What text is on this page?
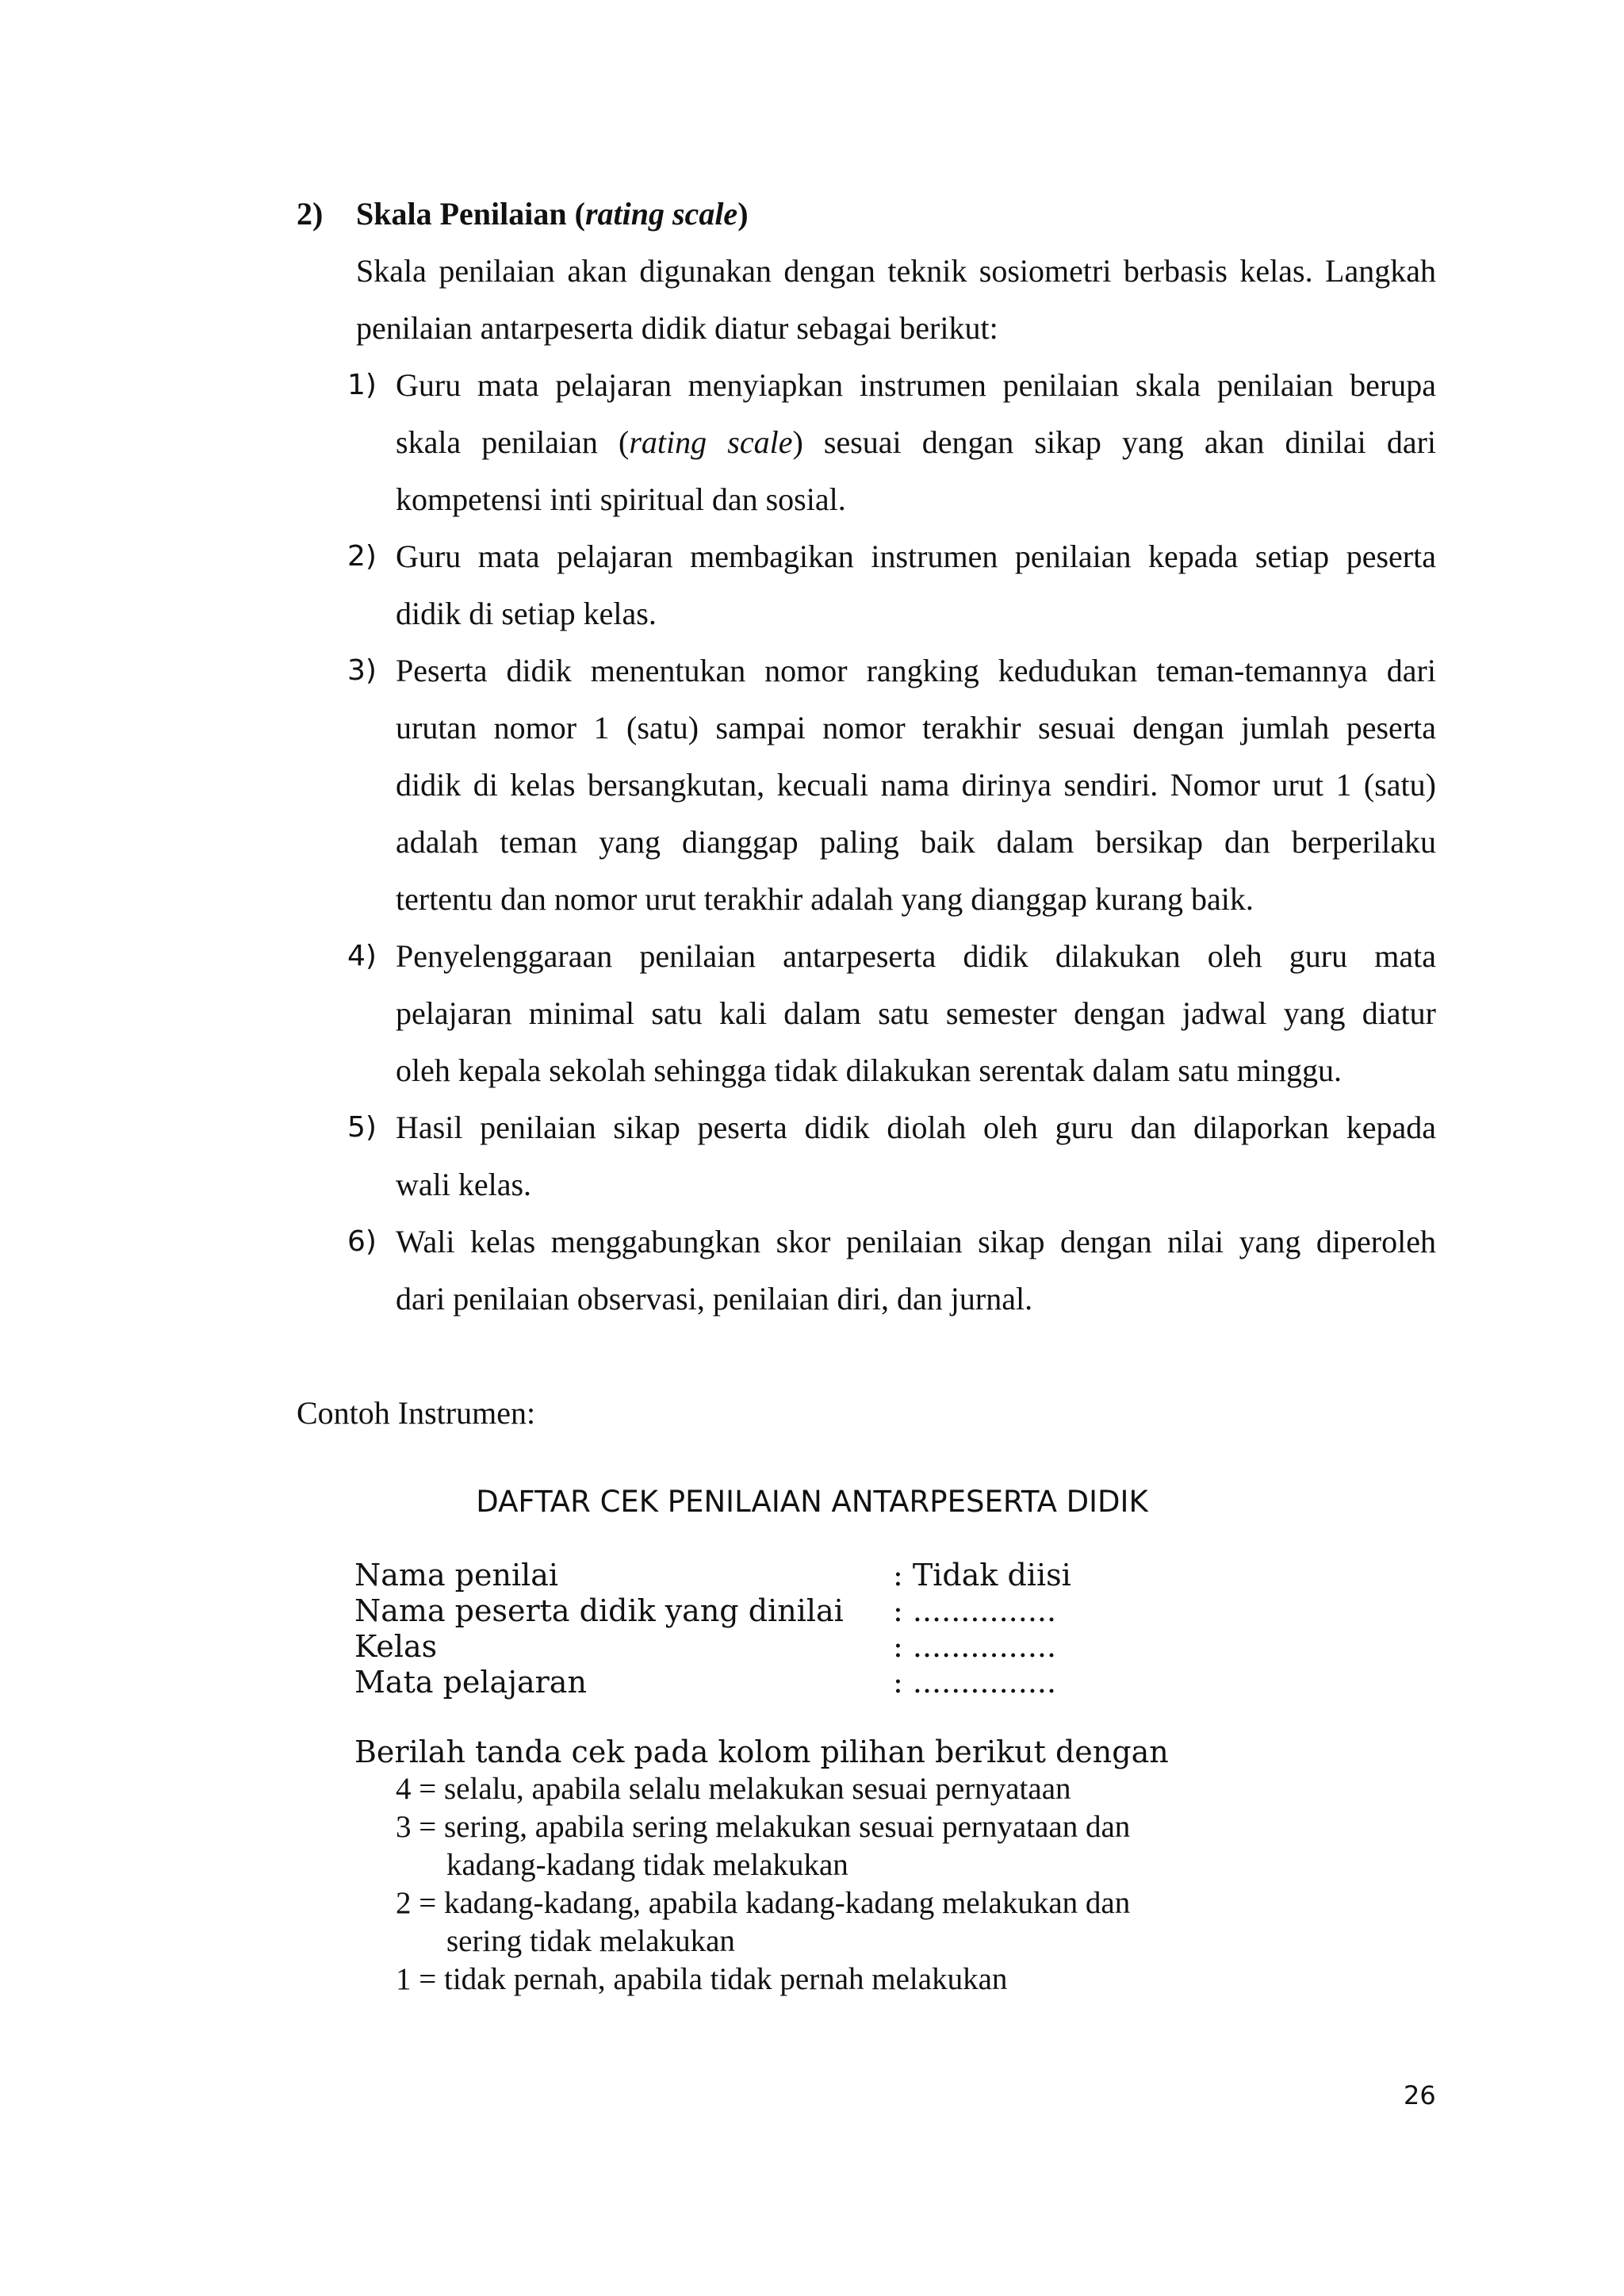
2) Skala Penilaian (rating scale)

Skala penilaian akan digunakan dengan teknik sosiometri berbasis kelas. Langkah

penilaian antarpeserta didik diatur sebagai berikut:

1) Guru mata pelajaran menyiapkan instrumen penilaian skala penilaian berupa

skala penilaian (rating scale) sesuai dengan sikap yang akan dinilai dari

kompetensi inti spiritual dan sosial.

2) Guru mata pelajaran membagikan instrumen penilaian kepada setiap peserta

didik di setiap kelas.

3) Peserta didik menentukan nomor rangking kedudukan teman-temannya dari

urutan nomor 1 (satu) sampai nomor terakhir sesuai dengan jumlah peserta

didik di kelas bersangkutan, kecuali nama dirinya sendiri. Nomor urut 1 (satu)

adalah teman yang dianggap paling baik dalam bersikap dan berperilaku

tertentu dan nomor urut terakhir adalah yang dianggap kurang baik.

4) Penyelenggaraan penilaian antarpeserta didik dilakukan oleh guru mata

pelajaran minimal satu kali dalam satu semester dengan jadwal yang diatur

oleh kepala sekolah sehingga tidak dilakukan serentak dalam satu minggu.

5) Hasil penilaian sikap peserta didik diolah oleh guru dan dilaporkan kepada

wali kelas.

6) Wali kelas menggabungkan skor penilaian sikap dengan nilai yang diperoleh

dari penilaian observasi, penilaian diri, dan jurnal.

Contoh Instrumen:

DAFTAR CEK PENILAIAN ANTARPESERTA DIDIK

Nama penilai	: Tidak diisi

Nama peserta didik yang dinilai : ...............

Kelas	: ...............

Mata pelajaran	: ...............

Berilah tanda cek pada kolom pilihan berikut dengan

4 = selalu, apabila selalu melakukan sesuai pernyataan

3 = sering, apabila sering melakukan sesuai pernyataan dan

kadang-kadang tidak melakukan

2 = kadang-kadang, apabila kadang-kadang melakukan dan

sering tidak melakukan

1 = tidak pernah, apabila tidak pernah melakukan

26
